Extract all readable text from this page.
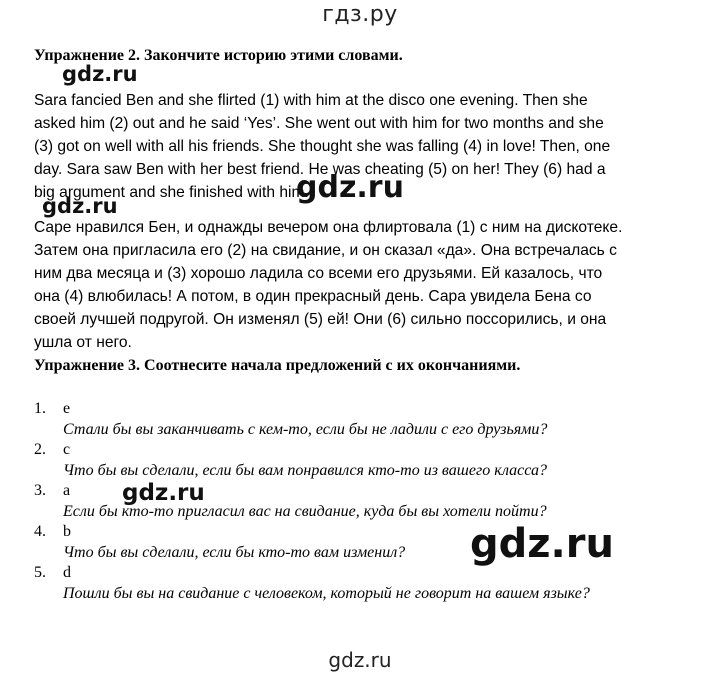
гдз.ру
Упражнение 2. Закончите историю этими словами.
Sara fancied Ben and she flirted (1) with him at the disco one evening. Then she
asked him (2) out and he said ‘Yes’. She went out with him for two months and she
(3) got on well with all his friends. She thought she was falling (4) in love! Then, one
day. Sara saw Ben with her best friend. He was cheating (5) on her! They (6) had a
big argument and she finished with him.
Саре нравился Бен, и однажды вечером она флиртовала (1) с ним на дискотеке.
Затем она пригласила его (2) на свидание, и он сказал «да». Она встречалась с
ним два месяца и (3) хорошо ладила со всеми его друзьями. Ей казалось, что
она (4) влюбилась! А потом, в один прекрасный день. Сара увидела Бена со
своей лучшей подругой. Он изменял (5) ей! Они (6) сильно поссорились, и она
ушла от него.
Упражнение 3. Соотнесите начала предложений с их окончаниями.
1. e
Стали бы вы заканчивать с кем-то, если бы не ладили с его друзьями?
2. c
Что бы вы сделали, если бы вам понравился кто-то из вашего класса?
3. a
Если бы кто-то пригласил вас на свидание, куда бы вы хотели пойти?
4. b
Что бы вы сделали, если бы кто-то вам изменил?
5. d
Пошли бы вы на свидание с человеком, который не говорит на вашем языке?
gdz.ru
gdz.ru
gdz.ru
gdz.ru
gdz.ru
gdz.ru
